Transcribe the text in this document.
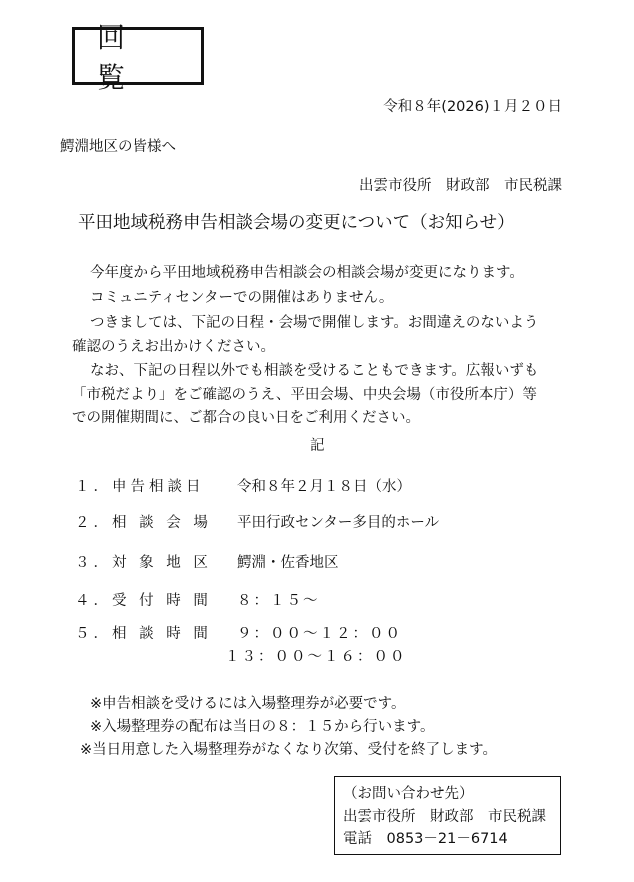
回　覧
令和８年(2026)１月２０日
鰐淵地区の皆様へ
出雲市役所　財政部　市民税課
平田地域税務申告相談会場の変更について（お知らせ）
今年度から平田地域税務申告相談会の相談会場が変更になります。
コミュニティセンターでの開催はありません。
つきましては、下記の日程・会場で開催します。お間違えのないよう
確認のうえお出かけください。
なお、下記の日程以外でも相談を受けることもできます。広報いずも
「市税だより」をご確認のうえ、平田会場、中央会場（市役所本庁）等
での開催期間に、ご都合の良い日をご利用ください。
記
１．申告相談日 令和８年２月１８日（水）
２．相 談 会 場 平田行政センター多目的ホール
３．対 象 地 区 鰐淵・佐香地区
４．受 付 時 間 ８：１５～
５．相 談 時 間 ９：００～１２：００
１３：００～１６：００
※申告相談を受けるには入場整理券が必要です。
※入場整理券の配布は当日の８：１５から行います。
※当日用意した入場整理券がなくなり次第、受付を終了します。
（お問い合わせ先）
出雲市役所　財政部　市民税課
電話　0853－21－6714
